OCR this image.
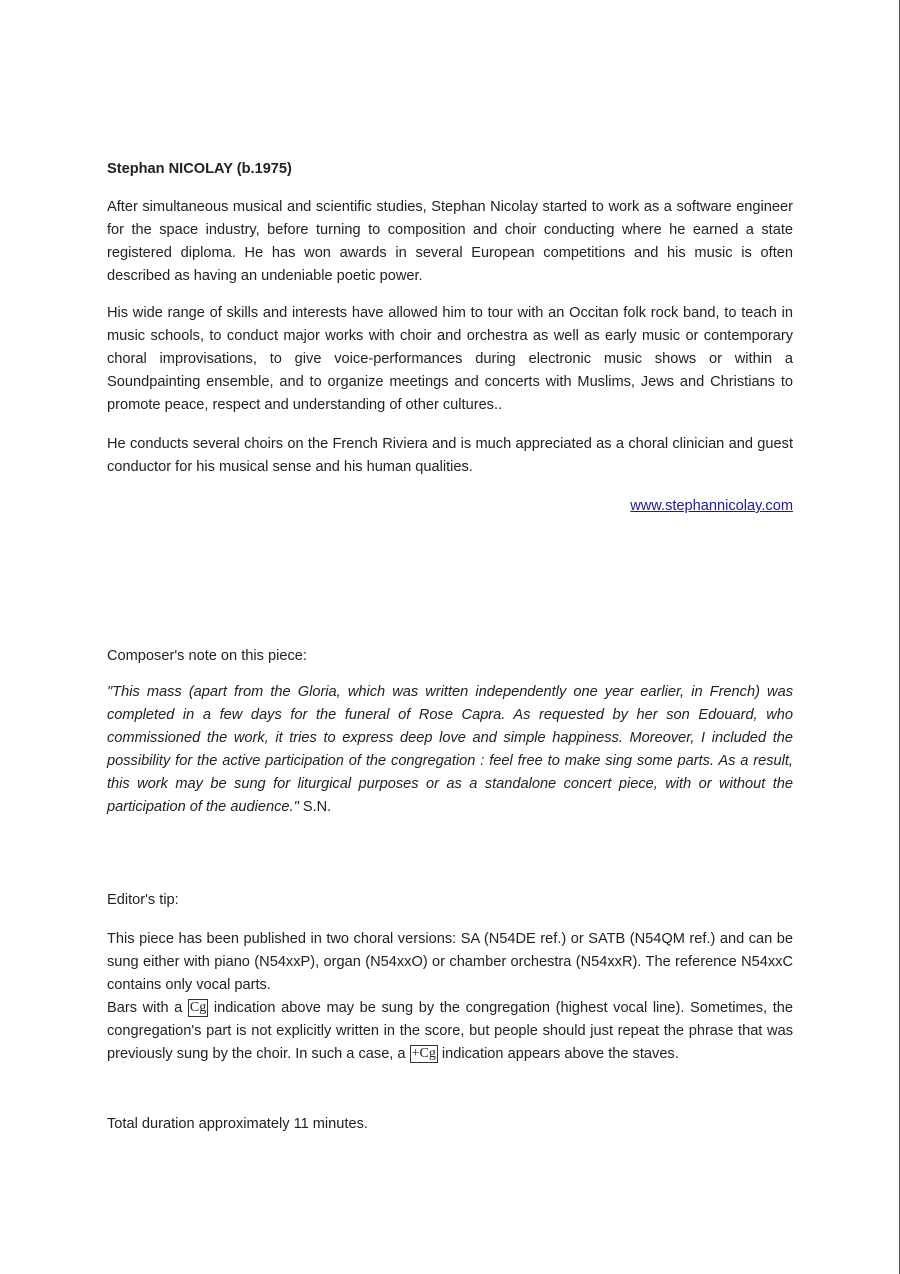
Stephan NICOLAY (b.1975)

After simultaneous musical and scientific studies, Stephan Nicolay started to work as a software engineer for the space industry, before turning to composition and choir conducting where he earned a state registered diploma. He has won awards in several European competitions and his music is often described as having an undeniable poetic power.

His wide range of skills and interests have allowed him to tour with an Occitan folk rock band, to teach in music schools, to conduct major works with choir and orchestra as well as early music or contemporary choral improvisations, to give voice-performances during electronic music shows or within a Soundpainting ensemble, and to organize meetings and concerts with Muslims, Jews and Christians to promote peace, respect and understanding of other cultures..

He conducts several choirs on the French Riviera and is much appreciated as a choral clinician and guest conductor for his musical sense and his human qualities.

www.stephannicolay.com

Composer's note on this piece:

"This mass (apart from the Gloria, which was written independently one year earlier, in French) was completed in a few days for the funeral of Rose Capra. As requested by her son Edouard, who commissioned the work, it tries to express deep love and simple happiness. Moreover, I included the possibility for the active participation of the congregation : feel free to make sing some parts. As a result, this work may be sung for liturgical purposes or as a standalone concert piece, with or without the participation of the audience." S.N.

Editor's tip:

This piece has been published in two choral versions: SA (N54DE ref.) or SATB (N54QM ref.) and can be sung either with piano (N54xxP), organ (N54xxO) or chamber orchestra (N54xxR). The reference N54xxC contains only vocal parts.

Bars with a Cg indication above may be sung by the congregation (highest vocal line). Sometimes, the congregation's part is not explicitly written in the score, but people should just repeat the phrase that was previously sung by the choir. In such a case, a +Cg indication appears above the staves.

Total duration approximately 11 minutes.
